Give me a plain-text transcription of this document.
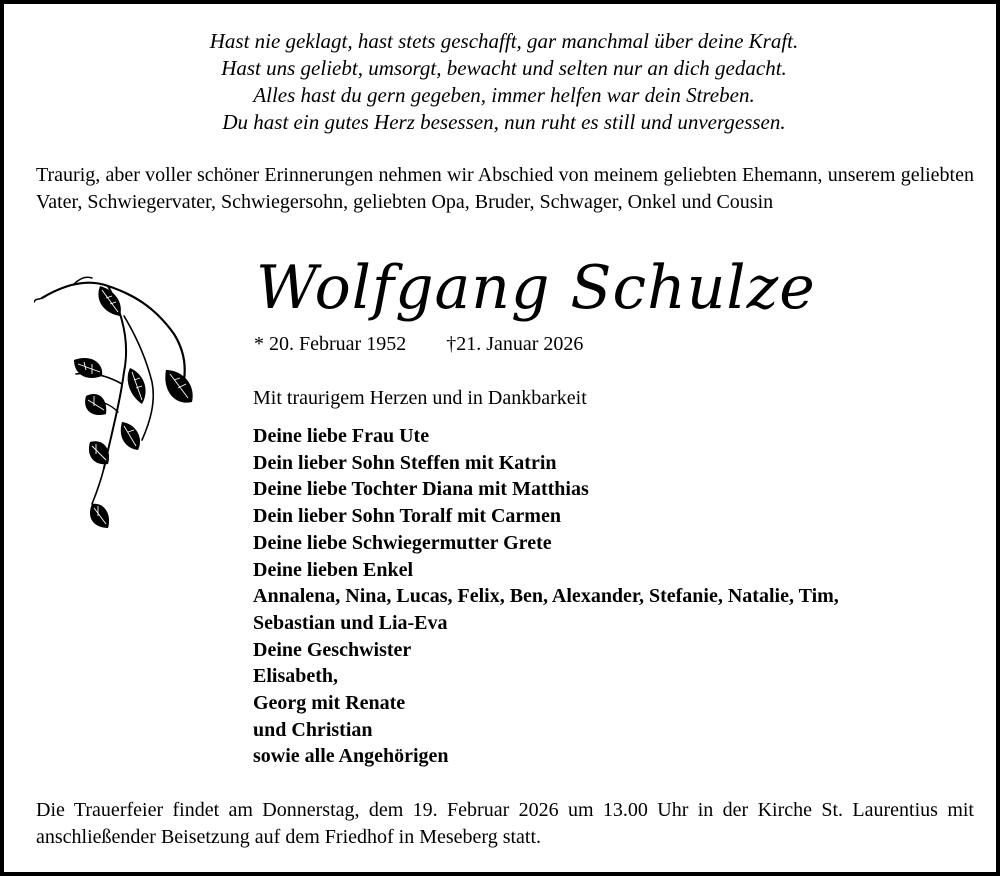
Hast nie geklagt, hast stets geschafft, gar manchmal über deine Kraft.
Hast uns geliebt, umsorgt, bewacht und selten nur an dich gedacht.
Alles hast du gern gegeben, immer helfen war dein Streben.
Du hast ein gutes Herz besessen, nun ruht es still und unvergessen.
Traurig, aber voller schöner Erinnerungen nehmen wir Abschied von meinem geliebten Ehemann, unserem geliebten Vater, Schwiegervater, Schwiegersohn, geliebten Opa, Bruder, Schwager, Onkel und Cousin
Wolfgang Schulze
* 20. Februar 1952 †21. Januar 2026
Mit traurigem Herzen und in Dankbarkeit
Deine liebe Frau Ute
Dein lieber Sohn Steffen mit Katrin
Deine liebe Tochter Diana mit Matthias
Dein lieber Sohn Toralf mit Carmen
Deine liebe Schwiegermutter Grete
Deine lieben Enkel
Annalena, Nina, Lucas, Felix, Ben, Alexander, Stefanie, Natalie, Tim,
Sebastian und Lia-Eva
Deine Geschwister
Elisabeth,
Georg mit Renate
und Christian
sowie alle Angehörigen
Die Trauerfeier findet am Donnerstag, dem 19. Februar 2026 um 13.00 Uhr in der Kirche St. Laurentius mit anschließender Beisetzung auf dem Friedhof in Meseberg statt.
